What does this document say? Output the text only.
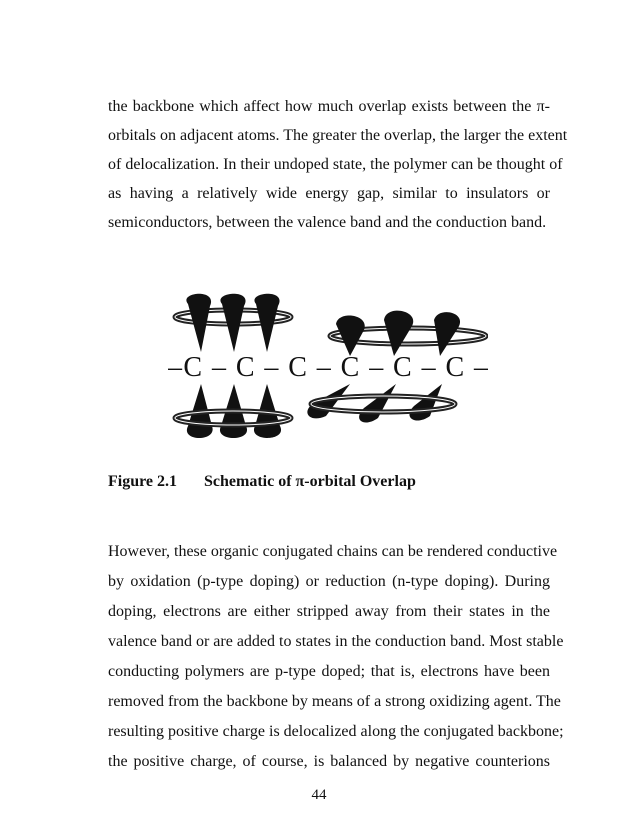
the backbone which affect how much overlap exists between the π-
orbitals on adjacent atoms. The greater the overlap, the larger the extent
of delocalization. In their undoped state, the polymer can be thought of
as having a relatively wide energy gap, similar to insulators or
semiconductors, between the valence band and the conduction band.
–C – C – C – C – C – C –
Figure 2.1 Schematic of π-orbital Overlap
However, these organic conjugated chains can be rendered conductive
by oxidation (p-type doping) or reduction (n-type doping). During
doping, electrons are either stripped away from their states in the
valence band or are added to states in the conduction band. Most stable
conducting polymers are p-type doped; that is, electrons have been
removed from the backbone by means of a strong oxidizing agent. The
resulting positive charge is delocalized along the conjugated backbone;
the positive charge, of course, is balanced by negative counterions
44
